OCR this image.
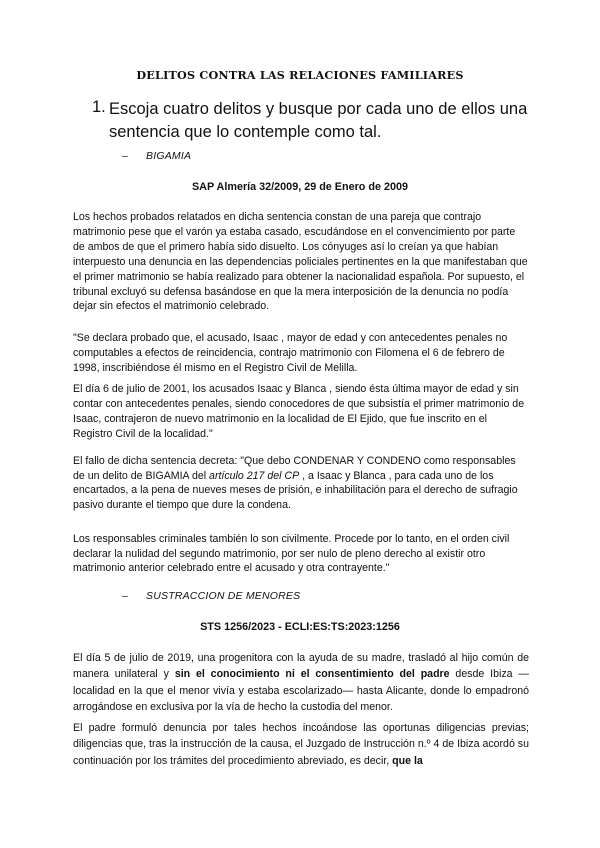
DELITOS CONTRA LAS RELACIONES FAMILIARES
1. Escoja cuatro delitos y busque por cada uno de ellos una sentencia que lo contemple como tal.
– BIGAMIA
SAP Almería 32/2009, 29 de Enero de 2009

Los hechos probados relatados en dicha sentencia constan de una pareja que contrajo matrimonio pese que el varón ya estaba casado, escudándose en el convencimiento por parte de ambos de que el primero había sido disuelto. Los cónyuges así lo creían ya que habían interpuesto una denuncia en las dependencias policiales pertinentes en la que manifestaban que el primer matrimonio se había realizado para obtener la nacionalidad española. Por supuesto, el tribunal excluyó su defensa basándose en que la mera interposición de la denuncia no podía dejar sin efectos el matrimonio celebrado.

"Se declara probado que, el acusado, Isaac , mayor de edad y con antecedentes penales no computables a efectos de reincidencia, contrajo matrimonio con Filomena el 6 de febrero de 1998, inscribiéndose él mismo en el Registro Civil de Melilla.

El día 6 de julio de 2001, los acusados Isaac y Blanca , siendo ésta última mayor de edad y sin contar con antecedentes penales, siendo conocedores de que subsistía el primer matrimonio de Isaac, contrajeron de nuevo matrimonio en la localidad de El Ejido, que fue inscrito en el Registro Civil de la localidad."

El fallo de dicha sentencia decreta: "Que debo CONDENAR Y CONDENO como responsables de un delito de BIGAMIA del artículo 217 del CP , a Isaac y Blanca , para cada uno de los encartados, a la pena de nueves meses de prisión, e inhabilitación para el derecho de sufragio pasivo durante el tiempo que dure la condena.

Los responsables criminales también lo son civilmente. Procede por lo tanto, en el orden civil declarar la nulidad del segundo matrimonio, por ser nulo de pleno derecho al existir otro matrimonio anterior celebrado entre el acusado y otra contrayente."

– SUSTRACCION DE MENORES
STS 1256/2023 - ECLI:ES:TS:2023:1256

El día 5 de julio de 2019, una progenitora con la ayuda de su madre, trasladó al hijo común de manera unilateral y sin el conocimiento ni el consentimiento del padre desde Ibiza —localidad en la que el menor vivía y estaba escolarizado— hasta Alicante, donde lo empadronó arrogándose en exclusiva por la vía de hecho la custodia del menor.

El padre formuló denuncia por tales hechos incoándose las oportunas diligencias previas; diligencias que, tras la instrucción de la causa, el Juzgado de Instrucción n.º 4 de Ibiza acordó su continuación por los trámites del procedimiento abreviado, es decir, que la
